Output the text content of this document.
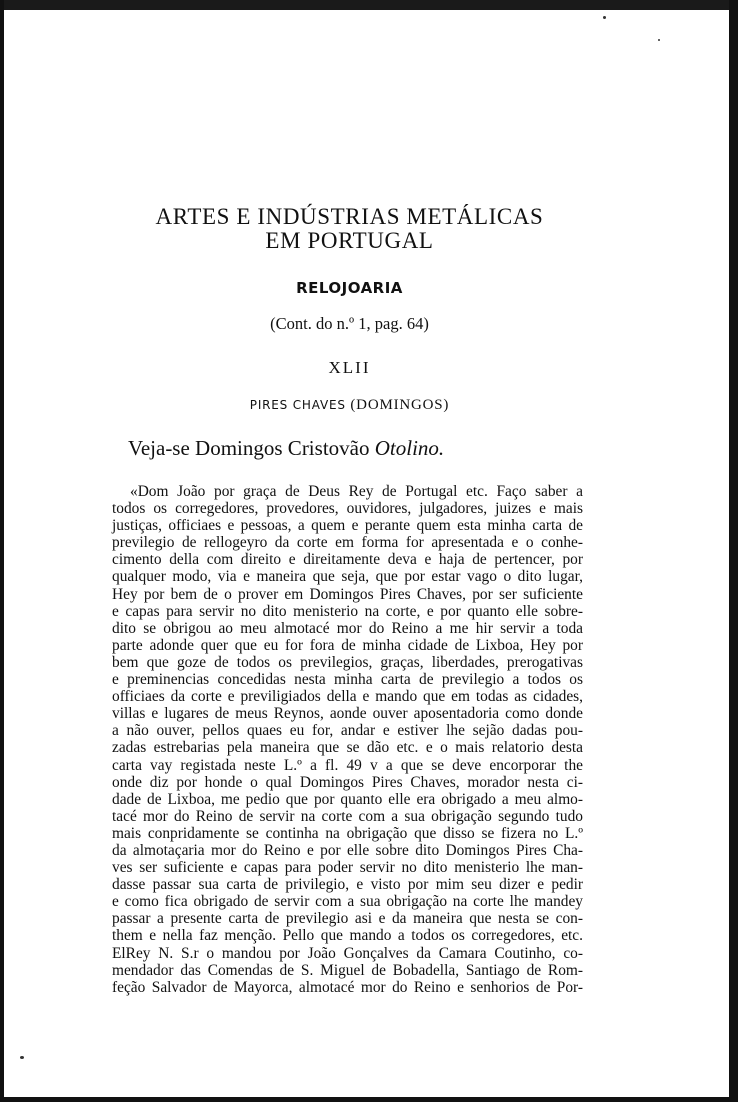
ARTES E INDÚSTRIAS METÁLICAS
EM PORTUGAL
RELOJOARIA
(Cont. do n.º 1, pag. 64)
XLII
PIRES CHAVES (DOMINGOS)
Veja-se Domingos Cristovão Otolino.
«Dom João por graça de Deus Rey de Portugal etc. Faço saber a
todos os corregedores, provedores, ouvidores, julgadores, juizes e mais
justiças, officiaes e pessoas, a quem e perante quem esta minha carta de
previlegio de rellogeyro da corte em forma for apresentada e o conhe-
cimento della com direito e direitamente deva e haja de pertencer, por
qualquer modo, via e maneira que seja, que por estar vago o dito lugar,
Hey por bem de o prover em Domingos Pires Chaves, por ser suficiente
e capas para servir no dito menisterio na corte, e por quanto elle sobre-
dito se obrigou ao meu almotacé mor do Reino a me hir servir a toda
parte adonde quer que eu for fora de minha cidade de Lixboa, Hey por
bem que goze de todos os previlegios, graças, liberdades, prerogativas
e preminencias concedidas nesta minha carta de previlegio a todos os
officiaes da corte e previligiados della e mando que em todas as cidades,
villas e lugares de meus Reynos, aonde ouver aposentadoria como donde
a não ouver, pellos quaes eu for, andar e estiver lhe sejão dadas pou-
zadas estrebarias pela maneira que se dão etc. e o mais relatorio desta
carta vay registada neste L.º a fl. 49 v a que se deve encorporar the
onde diz por honde o qual Domingos Pires Chaves, morador nesta ci-
dade de Lixboa, me pedio que por quanto elle era obrigado a meu almo-
tacé mor do Reino de servir na corte com a sua obrigação segundo tudo
mais conpridamente se continha na obrigação que disso se fizera no L.º
da almotaçaria mor do Reino e por elle sobre dito Domingos Pires Cha-
ves ser suficiente e capas para poder servir no dito menisterio lhe man-
dasse passar sua carta de privilegio, e visto por mim seu dizer e pedir
e como fica obrigado de servir com a sua obrigação na corte lhe mandey
passar a presente carta de previlegio asi e da maneira que nesta se con-
them e nella faz menção. Pello que mando a todos os corregedores, etc.
ElRey N. S.r o mandou por João Gonçalves da Camara Coutinho, co-
mendador das Comendas de S. Miguel de Bobadella, Santiago de Rom-
feção Salvador de Mayorca, almotacé mor do Reino e senhorios de Por-
